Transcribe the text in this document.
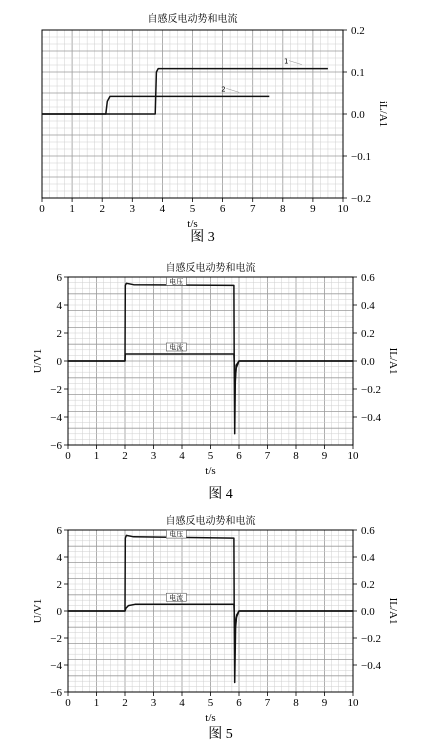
自感反电动势和电流
0 1 2 3 4 5 6 7 8 9 10
t/s
0.2
0.1
0.0
−0.1
−0.2
iL/A1
1
2
图 3
自感反电动势和电流
0 1 2 3 4 5 6 7 8 9 10
t/s
6
4
2
0
−2
−4
−6
U/V1
0.6
0.4
0.2
0.0
−0.2
−0.4
IL/A1
电压
电流
图 4
自感反电动势和电流
0 1 2 3 4 5 6 7 8 9 10
t/s
6
4
2
0
−2
−4
−6
U/V1
0.6
0.4
0.2
0.0
−0.2
−0.4
IL/A1
电压
电流
图 5
